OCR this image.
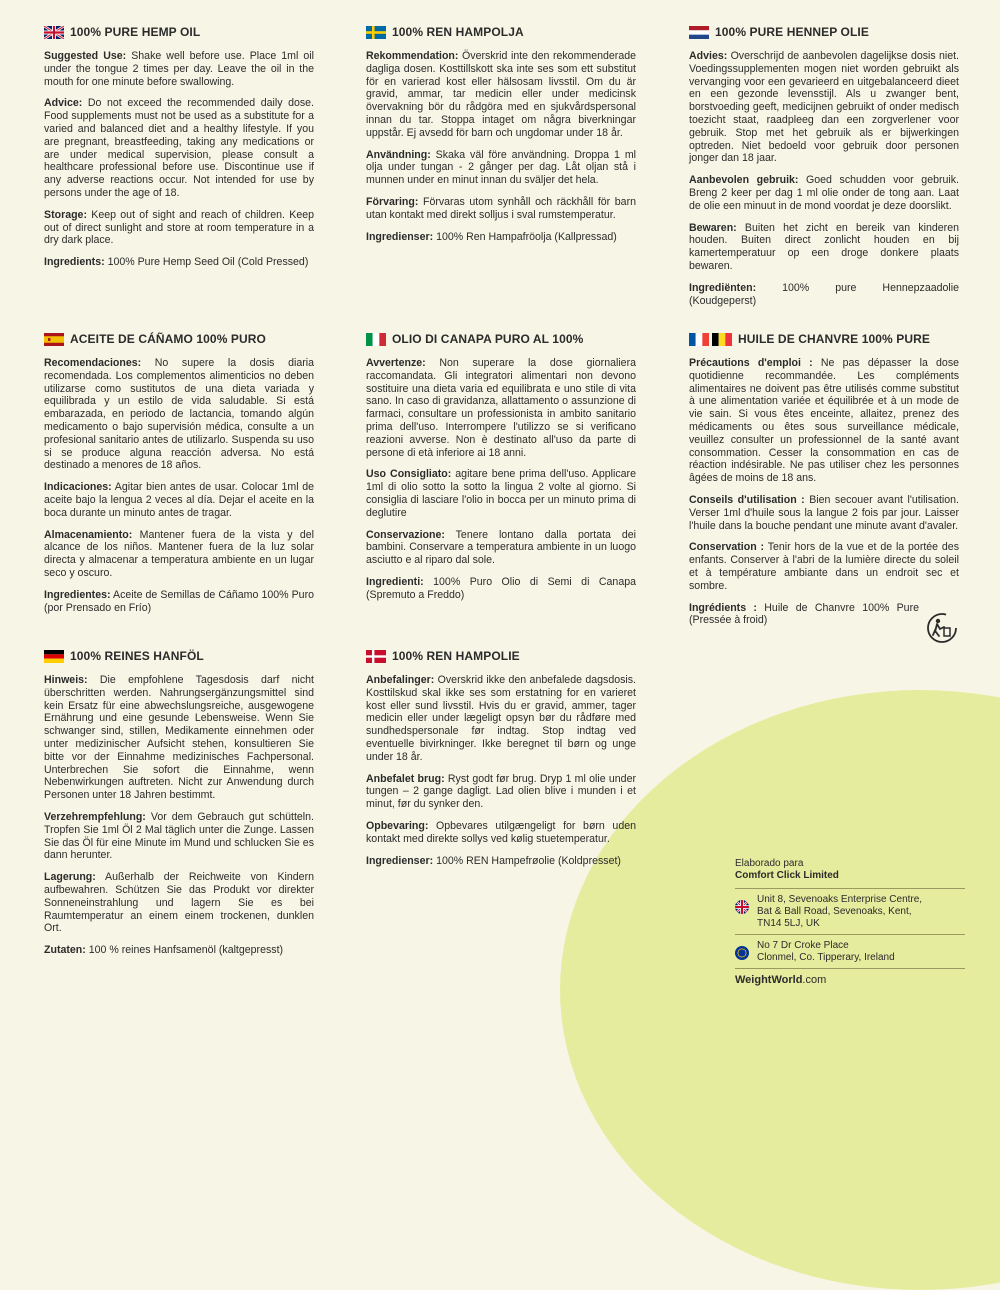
100% PURE HEMP OIL

Suggested Use: Shake well before use. Place 1ml oil under the tongue 2 times per day. Leave the oil in the mouth for one minute before swallowing.

Advice: Do not exceed the recommended daily dose. Food supplements must not be used as a substitute for a varied and balanced diet and a healthy lifestyle. If you are pregnant, breastfeeding, taking any medications or are under medical supervision, please consult a healthcare professional before use. Discontinue use if any adverse reactions occur. Not intended for use by persons under the age of 18.

Storage: Keep out of sight and reach of children. Keep out of direct sunlight and store at room temperature in a dry dark place.

Ingredients: 100% Pure Hemp Seed Oil (Cold Pressed)

100% REN HAMPOLJA

Rekommendation: Överskrid inte den rekommenderade dagliga dosen. Kosttillskott ska inte ses som ett substitut för en varierad kost eller hälsosam livsstil. Om du är gravid, ammar, tar medicin eller under medicinsk övervakning bör du rådgöra med en sjukvårdspersonal innan du tar. Stoppa intaget om några biverkningar uppstår. Ej avsedd för barn och ungdomar under 18 år.

Användning: Skaka väl före användning. Droppa 1 ml olja under tungan - 2 gånger per dag. Låt oljan stå i munnen under en minut innan du sväljer det hela.

Förvaring: Förvaras utom synhåll och räckhåll för barn utan kontakt med direkt solljus i sval rumstemperatur.

Ingredienser: 100% Ren Hampafröolja (Kallpressad)

100% PURE HENNEP OLIE

Advies: Overschrijd de aanbevolen dagelijkse dosis niet. Voedingssupplementen mogen niet worden gebruikt als vervanging voor een gevarieerd en uitgebalanceerd dieet en een gezonde levensstijl. Als u zwanger bent, borstvoeding geeft, medicijnen gebruikt of onder medisch toezicht staat, raadpleeg dan een zorgverlener voor gebruik. Stop met het gebruik als er bijwerkingen optreden. Niet bedoeld voor gebruik door personen jonger dan 18 jaar.

Aanbevolen gebruik: Goed schudden voor gebruik. Breng 2 keer per dag 1 ml olie onder de tong aan. Laat de olie een minuut in de mond voordat je deze doorslikt.

Bewaren: Buiten het zicht en bereik van kinderen houden. Buiten direct zonlicht houden en bij kamertemperatuur op een droge donkere plaats bewaren.

Ingrediënten: 100% pure Hennepzaadolie (Koudgeperst)

ACEITE DE CÁÑAMO 100% PURO

Recomendaciones: No supere la dosis diaria recomendada. Los complementos alimenticios no deben utilizarse como sustitutos de una dieta variada y equilibrada y un estilo de vida saludable. Si está embarazada, en periodo de lactancia, tomando algún medicamento o bajo supervisión médica, consulte a un profesional sanitario antes de utilizarlo. Suspenda su uso si se produce alguna reacción adversa. No está destinado a menores de 18 años.

Indicaciones: Agitar bien antes de usar. Colocar 1ml de aceite bajo la lengua 2 veces al día. Dejar el aceite en la boca durante un minuto antes de tragar.

Almacenamiento: Mantener fuera de la vista y del alcance de los niños. Mantener fuera de la luz solar directa y almacenar a temperatura ambiente en un lugar seco y oscuro.

Ingredientes: Aceite de Semillas de Cáñamo 100% Puro (por Prensado en Frío)

OLIO DI CANAPA PURO AL 100%

Avvertenze: Non superare la dose giornaliera raccomandata. Gli integratori alimentari non devono sostituire una dieta varia ed equilibrata e uno stile di vita sano. In caso di gravidanza, allattamento o assunzione di farmaci, consultare un professionista in ambito sanitario prima dell'uso. Interrompere l'utilizzo se si verificano reazioni avverse. Non è destinato all'uso da parte di persone di età inferiore ai 18 anni.

Uso Consigliato: agitare bene prima dell'uso. Applicare 1ml di olio sotto la sotto la lingua 2 volte al giorno. Si consiglia di lasciare l'olio in bocca per un minuto prima di deglutire

Conservazione: Tenere lontano dalla portata dei bambini. Conservare a temperatura ambiente in un luogo asciutto e al riparo dal sole.

Ingredienti: 100% Puro Olio di Semi di Canapa (Spremuto a Freddo)

HUILE DE CHANVRE 100% PURE

Précautions d'emploi : Ne pas dépasser la dose quotidienne recommandée. Les compléments alimentaires ne doivent pas être utilisés comme substitut à une alimentation variée et équilibrée et à un mode de vie sain. Si vous êtes enceinte, allaitez, prenez des médicaments ou êtes sous surveillance médicale, veuillez consulter un professionnel de la santé avant consommation. Cesser la consommation en cas de réaction indésirable. Ne pas utiliser chez les personnes âgées de moins de 18 ans.

Conseils d'utilisation : Bien secouer avant l'utilisation. Verser 1ml d'huile sous la langue 2 fois par jour. Laisser l'huile dans la bouche pendant une minute avant d'avaler.

Conservation : Tenir hors de la vue et de la portée des enfants. Conserver à l'abri de la lumière directe du soleil et à température ambiante dans un endroit sec et sombre.

Ingrédients : Huile de Chanvre 100% Pure (Pressée à froid)

100% REINES HANFÖL

Hinweis: Die empfohlene Tagesdosis darf nicht überschritten werden. Nahrungsergänzungsmittel sind kein Ersatz für eine abwechslungsreiche, ausgewogene Ernährung und eine gesunde Lebensweise. Wenn Sie schwanger sind, stillen, Medikamente einnehmen oder unter medizinischer Aufsicht stehen, konsultieren Sie bitte vor der Einnahme medizinisches Fachpersonal. Unterbrechen Sie sofort die Einnahme, wenn Nebenwirkungen auftreten. Nicht zur Anwendung durch Personen unter 18 Jahren bestimmt.

Verzehrempfehlung: Vor dem Gebrauch gut schütteln. Tropfen Sie 1ml Öl 2 Mal täglich unter die Zunge. Lassen Sie das Öl für eine Minute im Mund und schlucken Sie es dann herunter.

Lagerung: Außerhalb der Reichweite von Kindern aufbewahren. Schützen Sie das Produkt vor direkter Sonneneinstrahlung und lagern Sie es bei Raumtemperatur an einem einem trockenen, dunklen Ort.

Zutaten: 100 % reines Hanfsamenöl (kaltgepresst)

100% REN HAMPOLIE

Anbefalinger: Overskrid ikke den anbefalede dagsdosis. Kosttilskud skal ikke ses som erstatning for en varieret kost eller sund livsstil. Hvis du er gravid, ammer, tager medicin eller under lægeligt opsyn bør du rådføre med sundhedspersonale før indtag. Stop indtag ved eventuelle bivirkninger. Ikke beregnet til børn og unge under 18 år.

Anbefalet brug: Ryst godt før brug. Dryp 1 ml olie under tungen – 2 gange dagligt. Lad olien blive i munden i et minut, før du synker den.

Opbevaring: Opbevares utilgængeligt for børn uden kontakt med direkte sollys ved kølig stuetemperatur.

Ingredienser: 100% REN Hampefrøolie (Koldpresset)	Elaborado para

Comfort Click Limited

Unit 8, Sevenoaks Enterprise Centre,

Bat & Ball Road, Sevenoaks, Kent,

TN14 5LJ, UK

No 7 Dr Croke Place

Clonmel, Co. Tipperary, Ireland

WeightWorld.com
